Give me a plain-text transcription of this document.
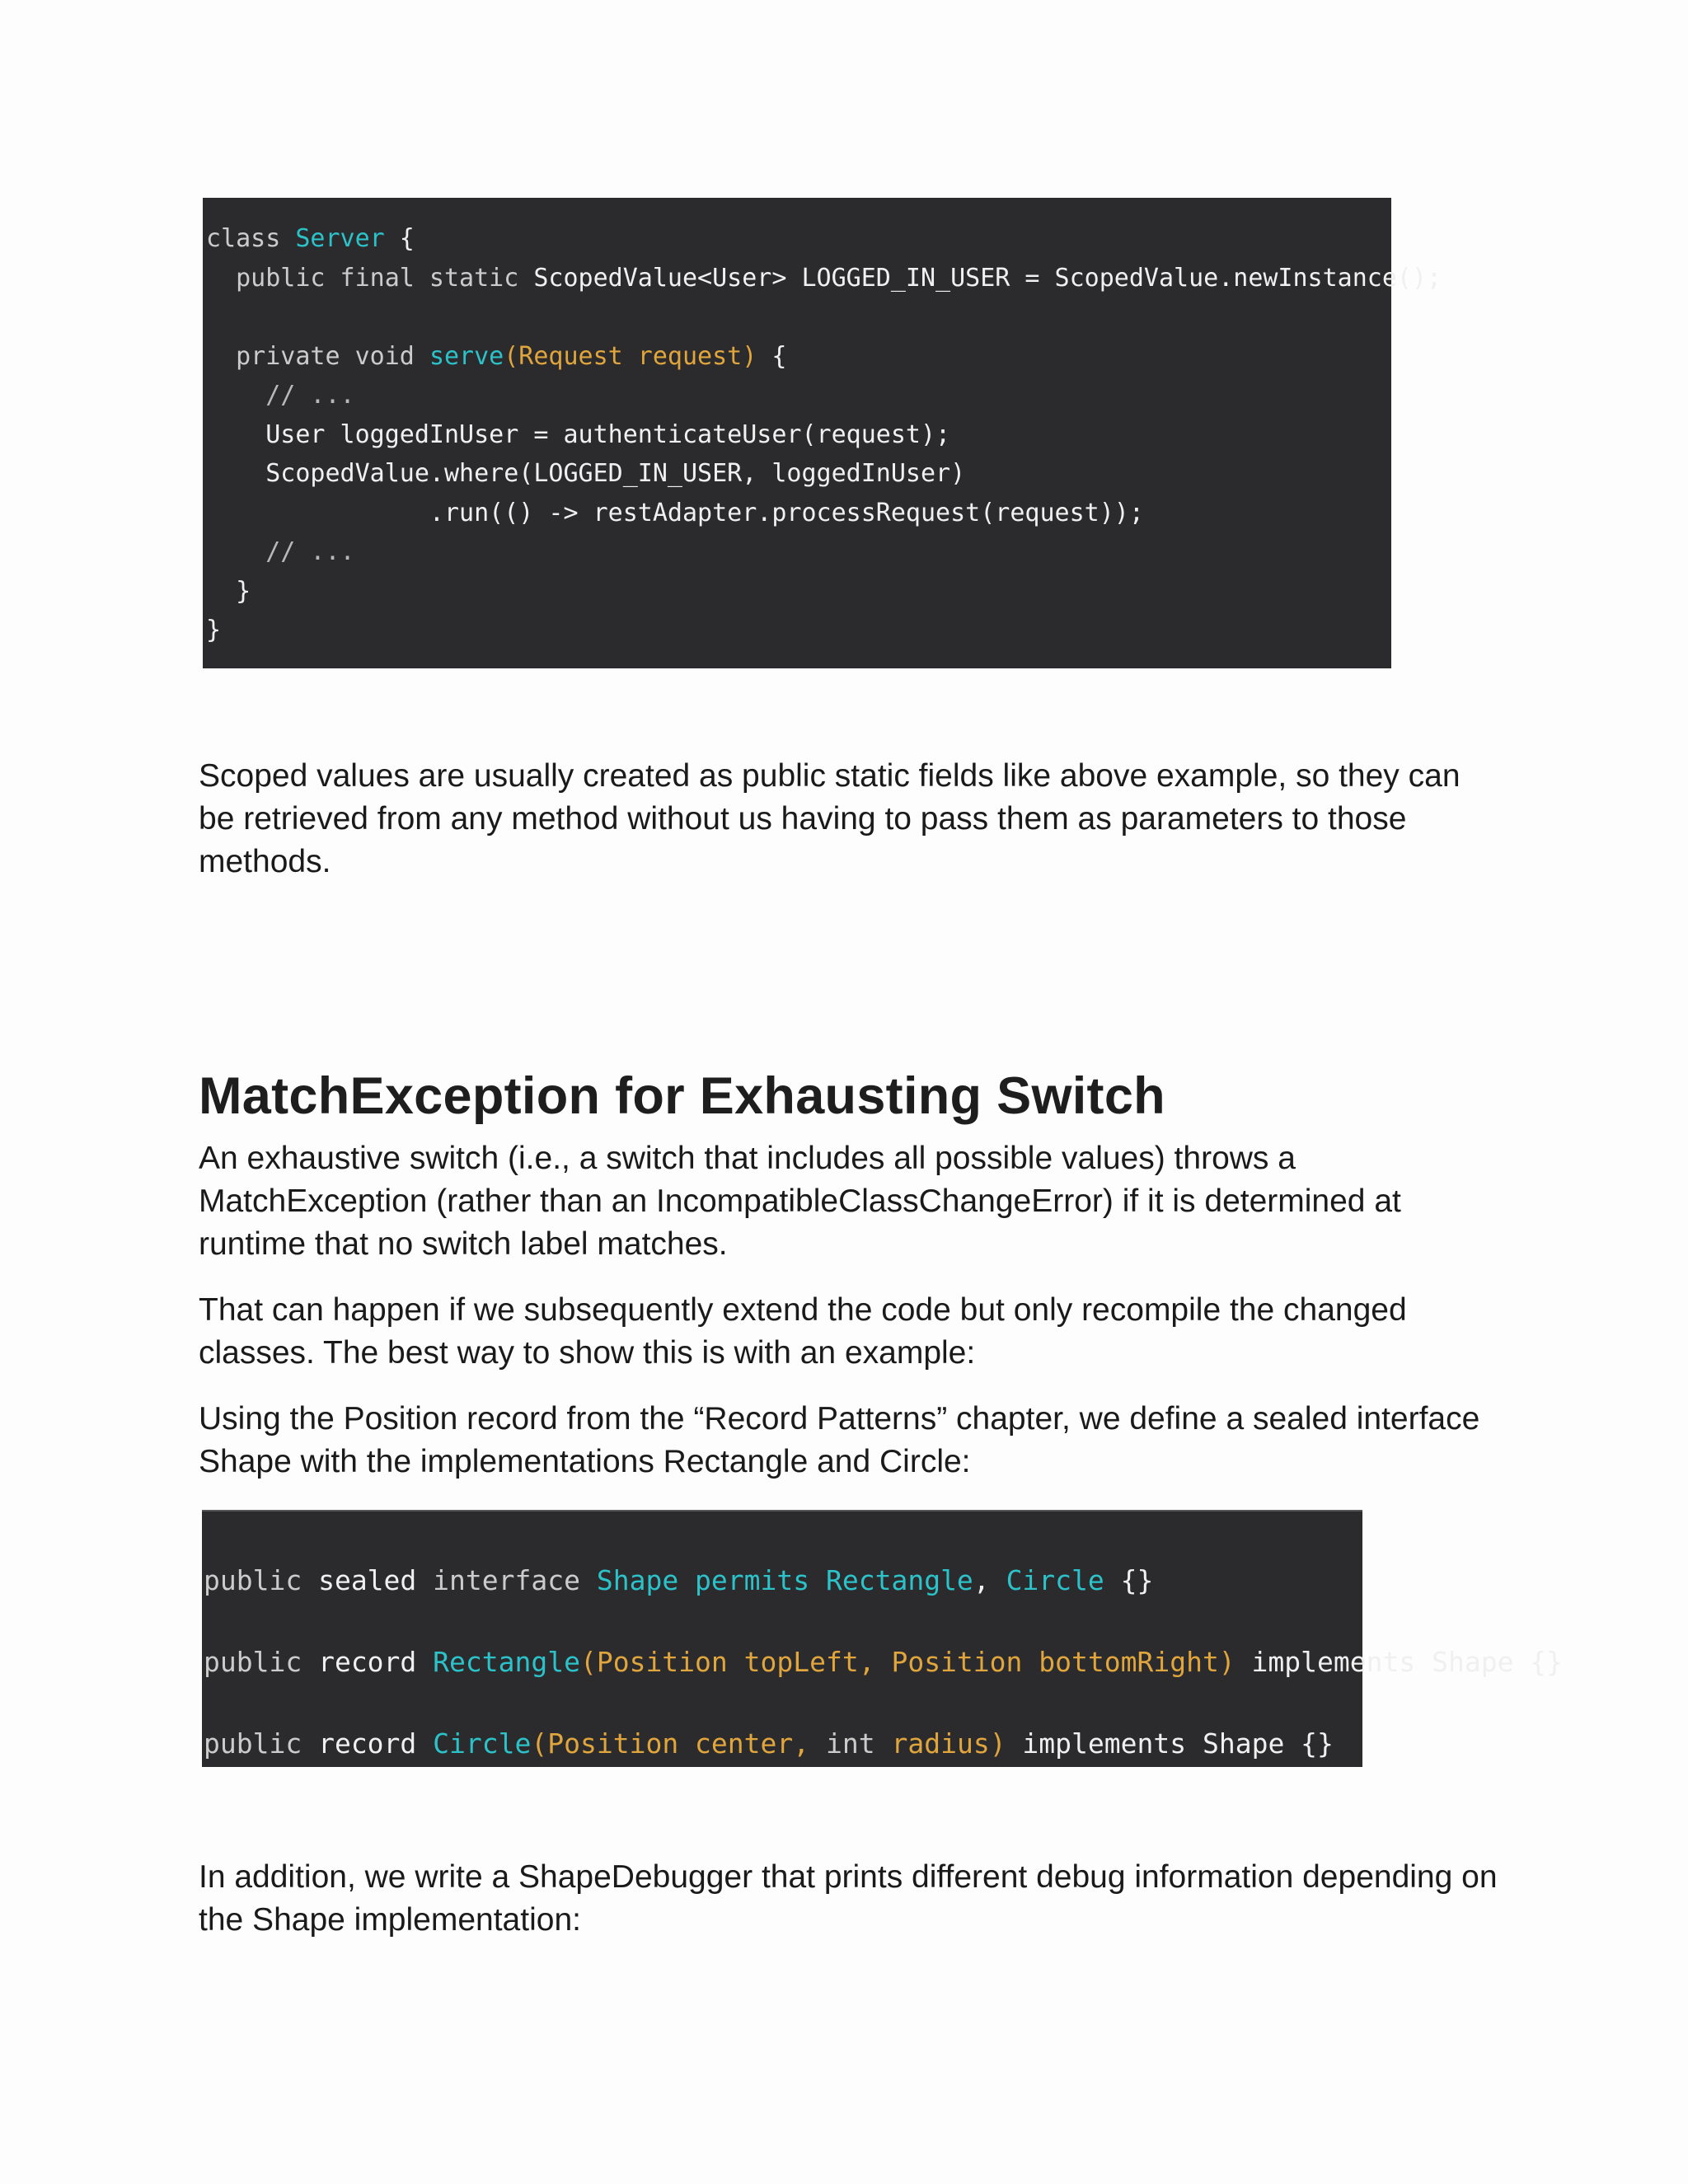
class Server {
public final static ScopedValue<User> LOGGED_IN_USER = ScopedValue.newInstance();
private void serve(Request request) {
// ...
User loggedInUser = authenticateUser(request);
ScopedValue.where(LOGGED_IN_USER, loggedInUser)
.run(() -> restAdapter.processRequest(request));
// ...
}
}

Scoped values are usually created as public static fields like above example, so they can be retrieved from any method without us having to pass them as parameters to those methods.

MatchException for Exhausting Switch

An exhaustive switch (i.e., a switch that includes all possible values) throws a MatchException (rather than an IncompatibleClassChangeError) if it is determined at runtime that no switch label matches.

That can happen if we subsequently extend the code but only recompile the changed classes. The best way to show this is with an example:

Using the Position record from the “Record Patterns” chapter, we define a sealed interface Shape with the implementations Rectangle and Circle:

public sealed interface Shape permits Rectangle, Circle {}
public record Rectangle(Position topLeft, Position bottomRight) implements Shape {}
public record Circle(Position center, int radius) implements Shape {}

In addition, we write a ShapeDebugger that prints different debug information depending on the Shape implementation:
